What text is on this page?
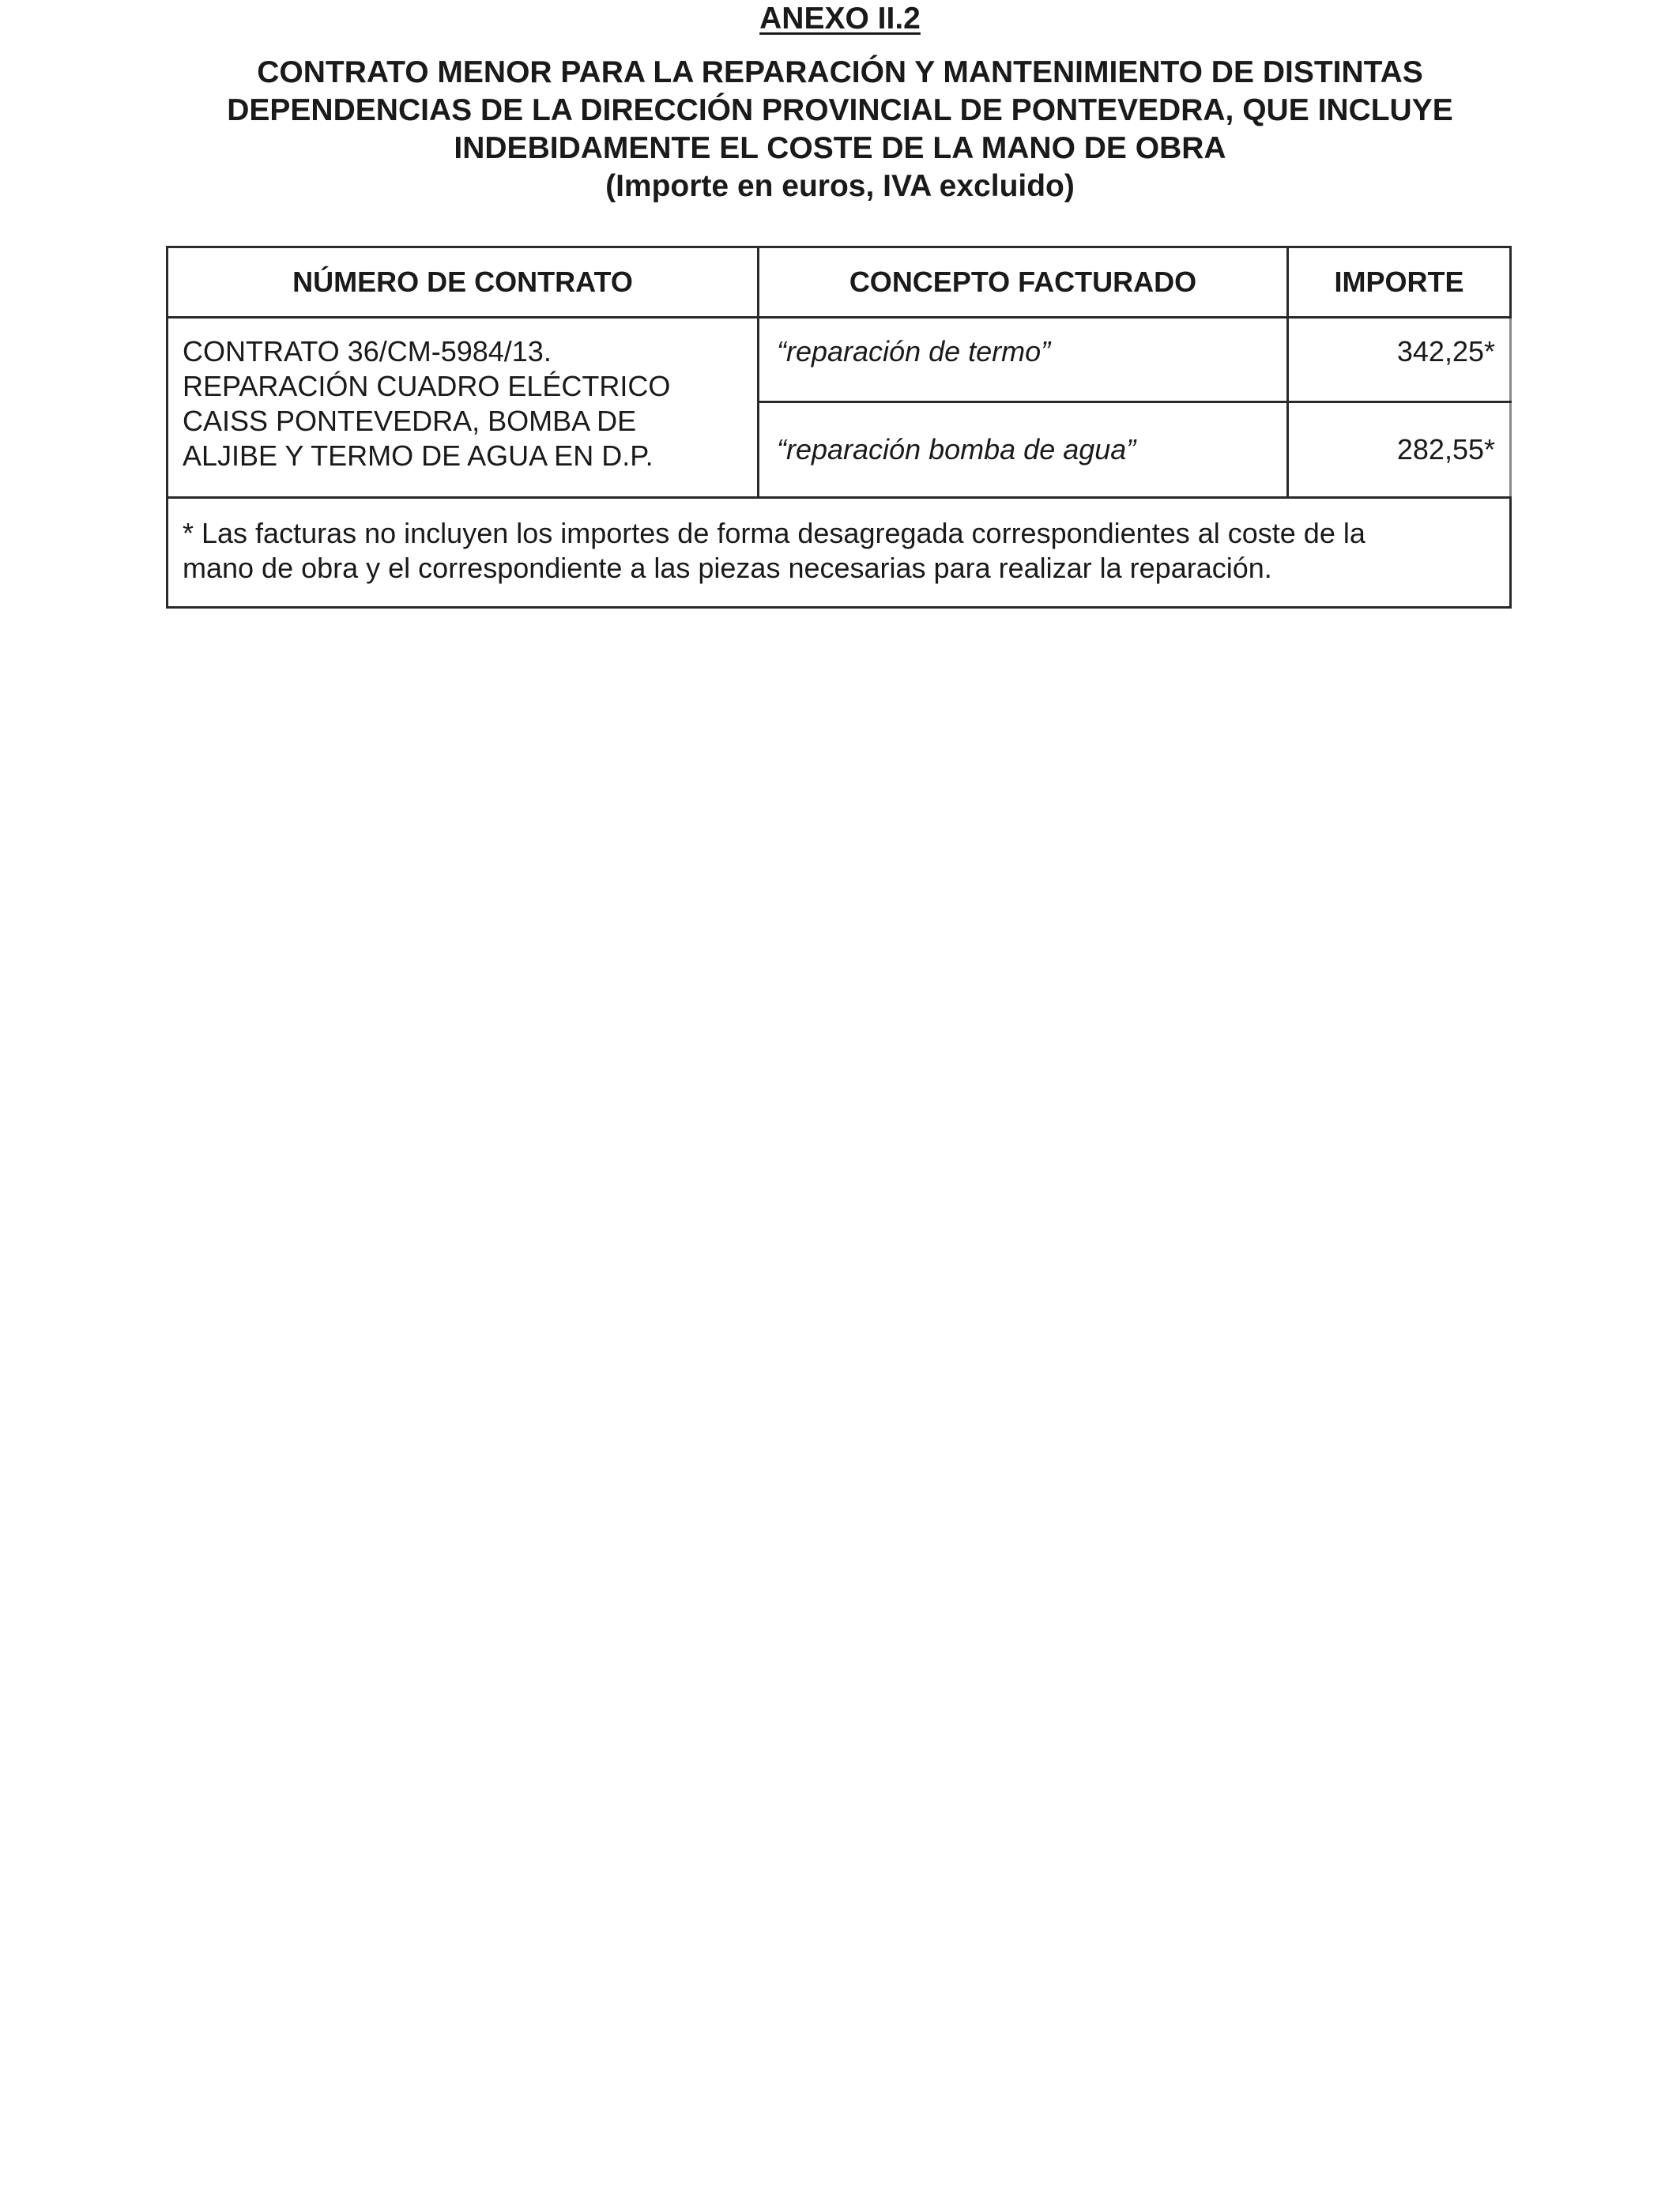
ANEXO II.2
CONTRATO MENOR PARA LA REPARACIÓN Y MANTENIMIENTO DE DISTINTAS
DEPENDENCIAS DE LA DIRECCIÓN PROVINCIAL DE PONTEVEDRA, QUE INCLUYE
INDEBIDAMENTE EL COSTE DE LA MANO DE OBRA
(Importe en euros, IVA excluido)
NÚMERO DE CONTRATO	CONCEPTO FACTURADO	IMPORTE

CONTRATO 36/CM-5984/13.
REPARACIÓN CUADRO ELÉCTRICO
CAISS PONTEVEDRA, BOMBA DE
ALJIBE Y TERMO DE AGUA EN D.P.	“reparación de termo”	342,25*
	“reparación bomba de agua”	282,55*

* Las facturas no incluyen los importes de forma desagregada correspondientes al coste de la
mano de obra y el correspondiente a las piezas necesarias para realizar la reparación.		
